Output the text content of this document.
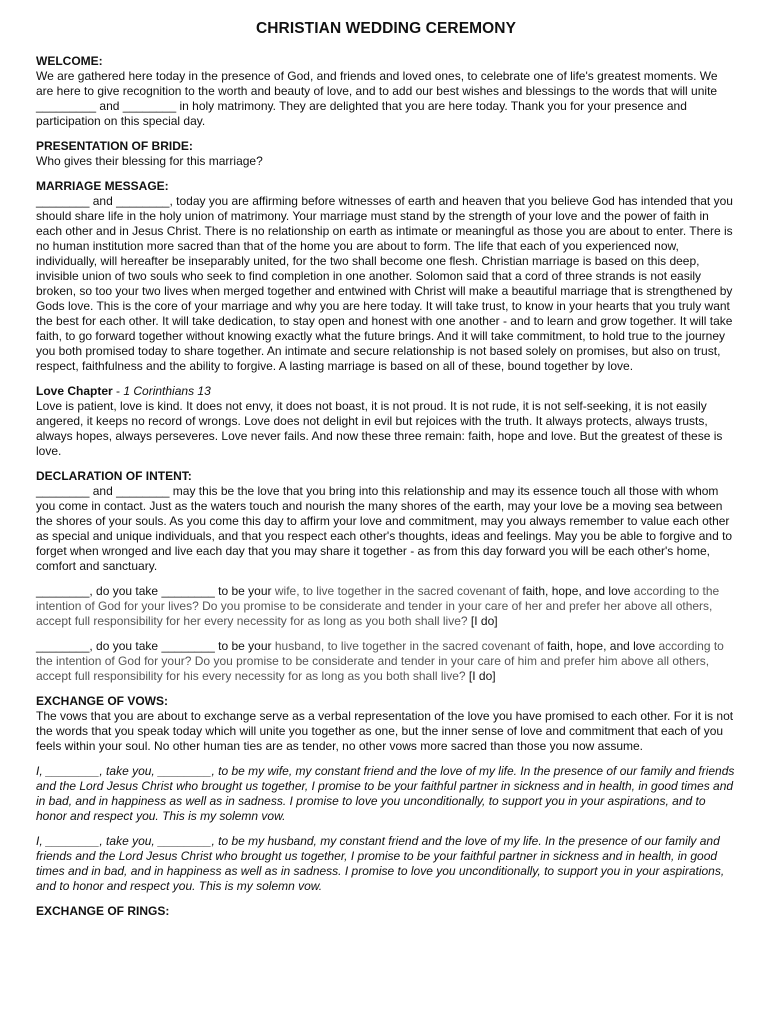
CHRISTIAN WEDDING CEREMONY
WELCOME:

We are gathered here today in the presence of God, and friends and loved ones, to celebrate one of life's greatest moments. We are here to give recognition to the worth and beauty of love, and to add our best wishes and blessings to the words that will unite _________ and ________ in holy matrimony. They are delighted that you are here today. Thank you for your presence and participation on this special day.

PRESENTATION OF BRIDE:

Who gives their blessing for this marriage?

MARRIAGE MESSAGE:

________ and ________, today you are affirming before witnesses of earth and heaven that you believe God has intended that you should share life in the holy union of matrimony. Your marriage must stand by the strength of your love and the power of faith in each other and in Jesus Christ. There is no relationship on earth as intimate or meaningful as those you are about to enter. There is no human institution more sacred than that of the home you are about to form. The life that each of you experienced now, individually, will hereafter be inseparably united, for the two shall become one flesh. Christian marriage is based on this deep, invisible union of two souls who seek to find completion in one another. Solomon said that a cord of three strands is not easily broken, so too your two lives when merged together and entwined with Christ will make a beautiful marriage that is strengthened by Gods love. This is the core of your marriage and why you are here today. It will take trust, to know in your hearts that you truly want the best for each other. It will take dedication, to stay open and honest with one another - and to learn and grow together. It will take faith, to go forward together without knowing exactly what the future brings. And it will take commitment, to hold true to the journey you both promised today to share together. An intimate and secure relationship is not based solely on promises, but also on trust, respect, faithfulness and the ability to forgive. A lasting marriage is based on all of these, bound together by love.

Love Chapter - 1 Corinthians 13

Love is patient, love is kind. It does not envy, it does not boast, it is not proud. It is not rude, it is not self-seeking, it is not easily angered, it keeps no record of wrongs. Love does not delight in evil but rejoices with the truth. It always protects, always trusts, always hopes, always perseveres. Love never fails. And now these three remain: faith, hope and love. But the greatest of these is love.

DECLARATION OF INTENT:

________ and ________ may this be the love that you bring into this relationship and may its essence touch all those with whom you come in contact. Just as the waters touch and nourish the many shores of the earth, may your love be a moving sea between the shores of your souls. As you come this day to affirm your love and commitment, may you always remember to value each other as special and unique individuals, and that you respect each other's thoughts, ideas and feelings. May you be able to forgive and to forget when wronged and live each day that you may share it together - as from this day forward you will be each other's home, comfort and sanctuary.

________, do you take ________ to be your wife, to live together in the sacred covenant of faith, hope, and love according to the intention of God for your lives? Do you promise to be considerate and tender in your care of her and prefer her above all others, accept full responsibility for her every necessity for as long as you both shall live? [I do]

________, do you take ________ to be your husband, to live together in the sacred covenant of faith, hope, and love according to the intention of God for your? Do you promise to be considerate and tender in your care of him and prefer him above all others, accept full responsibility for his every necessity for as long as you both shall live? [I do]

EXCHANGE OF VOWS:

The vows that you are about to exchange serve as a verbal representation of the love you have promised to each other. For it is not the words that you speak today which will unite you together as one, but the inner sense of love and commitment that each of you feels within your soul. No other human ties are as tender, no other vows more sacred than those you now assume.

I, ________, take you, ________, to be my wife, my constant friend and the love of my life. In the presence of our family and friends and the Lord Jesus Christ who brought us together, I promise to be your faithful partner in sickness and in health, in good times and in bad, and in happiness as well as in sadness. I promise to love you unconditionally, to support you in your aspirations, and to honor and respect you. This is my solemn vow.

I, ________, take you, ________, to be my husband, my constant friend and the love of my life. In the presence of our family and friends and the Lord Jesus Christ who brought us together, I promise to be your faithful partner in sickness and in health, in good times and in bad, and in happiness as well as in sadness. I promise to love you unconditionally, to support you in your aspirations, and to honor and respect you. This is my solemn vow.

EXCHANGE OF RINGS:
